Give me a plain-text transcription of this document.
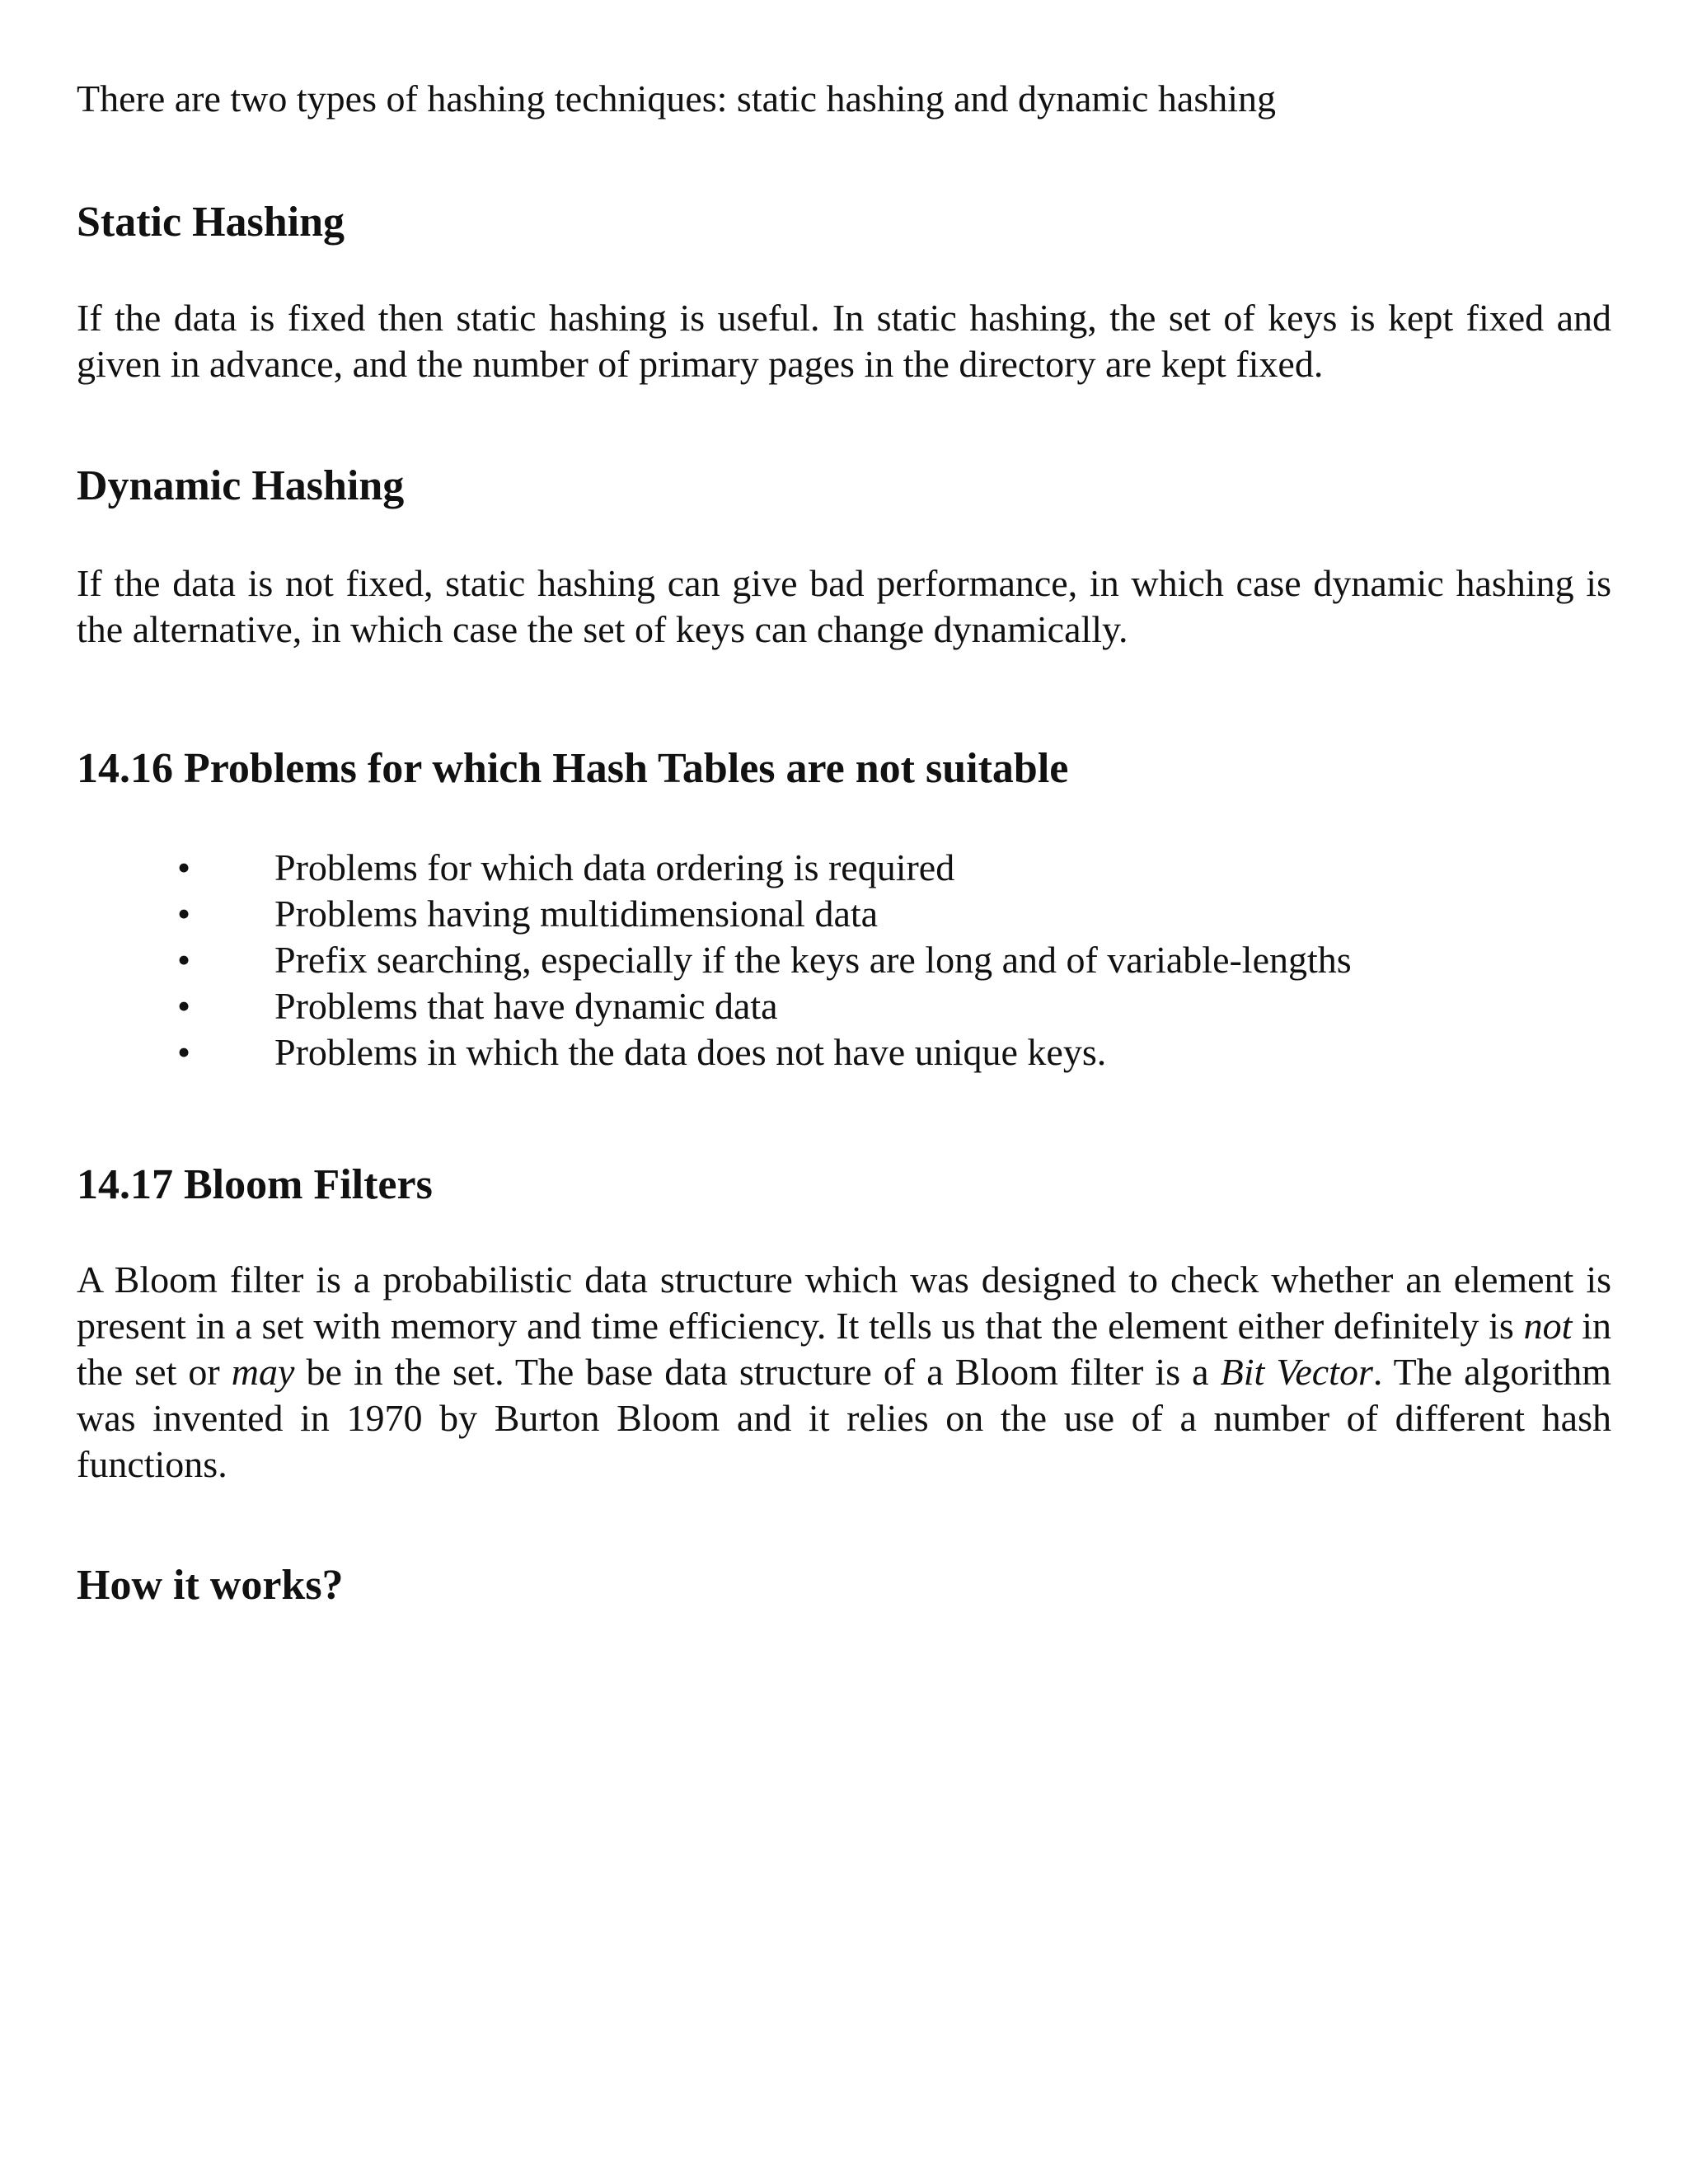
There are two types of hashing techniques: static hashing and dynamic hashing

Static Hashing

If the data is fixed then static hashing is useful. In static hashing, the set of keys is kept fixed and given in advance, and the number of primary pages in the directory are kept fixed.

Dynamic Hashing

If the data is not fixed, static hashing can give bad performance, in which case dynamic hashing is the alternative, in which case the set of keys can change dynamically.

14.16 Problems for which Hash Tables are not suitable
• Problems for which data ordering is required
• Problems having multidimensional data
• Prefix searching, especially if the keys are long and of variable-lengths
• Problems that have dynamic data
• Problems in which the data does not have unique keys.
14.17 Bloom Filters

A Bloom filter is a probabilistic data structure which was designed to check whether an element is present in a set with memory and time efficiency. It tells us that the element either definitely is not in the set or may be in the set. The base data structure of a Bloom filter is a Bit Vector. The algorithm was invented in 1970 by Burton Bloom and it relies on the use of a number of different hash functions.

How it works?
